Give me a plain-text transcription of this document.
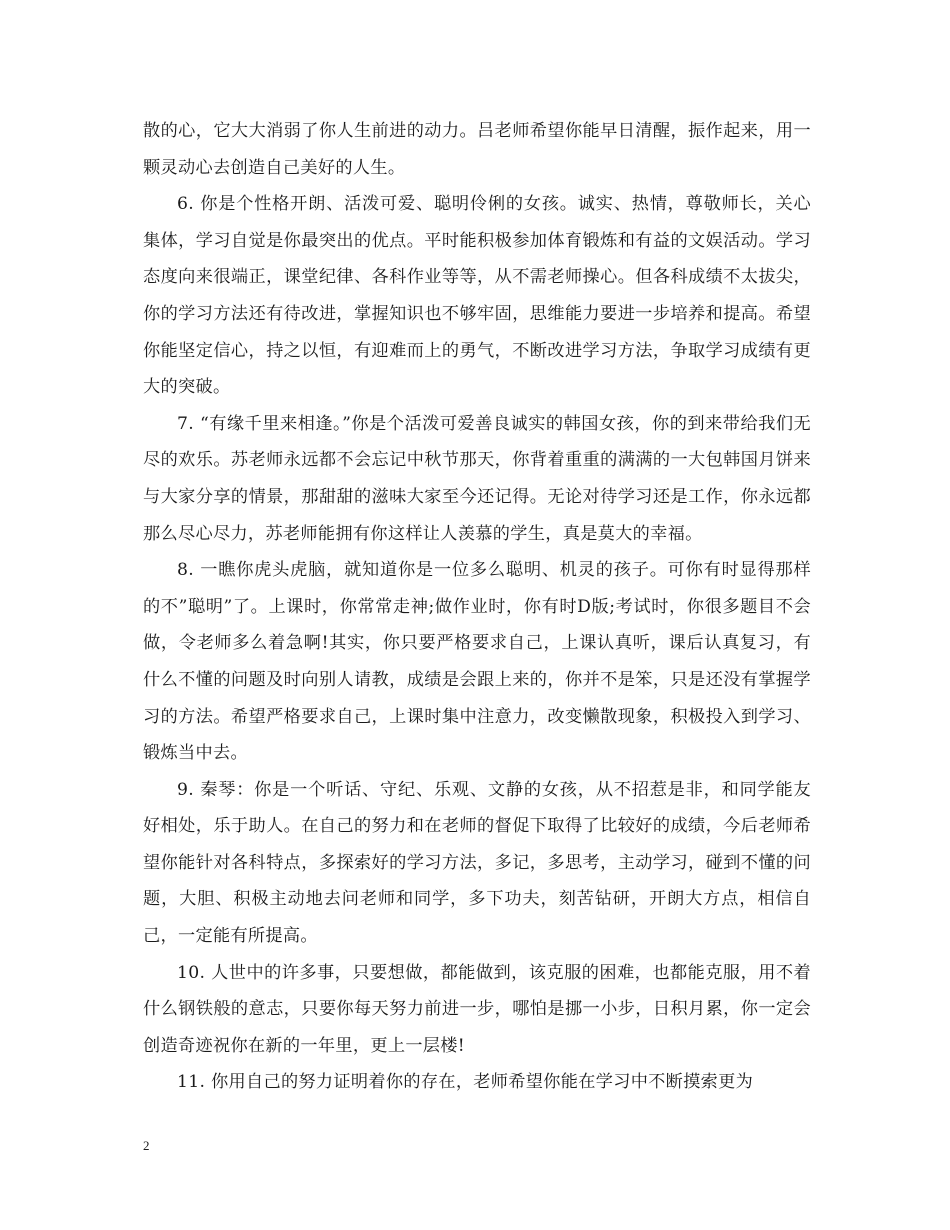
散的心，它大大消弱了你人生前进的动力。吕老师希望你能早日清醒，振作起来，用一颗灵动心去创造自己美好的人生。

6. 你是个性格开朗、活泼可爱、聪明伶俐的女孩。诚实、热情，尊敬师长，关心集体，学习自觉是你最突出的优点。平时能积极参加体育锻炼和有益的文娱活动。学习态度向来很端正，课堂纪律、各科作业等等，从不需老师操心。但各科成绩不太拔尖，你的学习方法还有待改进，掌握知识也不够牢固，思维能力要进一步培养和提高。希望你能坚定信心，持之以恒，有迎难而上的勇气，不断改进学习方法，争取学习成绩有更大的突破。

7. “有缘千里来相逢。”你是个活泼可爱善良诚实的韩国女孩，你的到来带给我们无尽的欢乐。苏老师永远都不会忘记中秋节那天，你背着重重的满满的一大包韩国月饼来与大家分享的情景，那甜甜的滋味大家至今还记得。无论对待学习还是工作，你永远都那么尽心尽力，苏老师能拥有你这样让人羡慕的学生，真是莫大的幸福。

8. 一瞧你虎头虎脑，就知道你是一位多么聪明、机灵的孩子。可你有时显得那样的不”聪明”了。上课时，你常常走神;做作业时，你有时D版;考试时，你很多题目不会做，令老师多么着急啊!其实，你只要严格要求自己，上课认真听，课后认真复习，有什么不懂的问题及时向别人请教，成绩是会跟上来的，你并不是笨，只是还没有掌握学习的方法。希望严格要求自己，上课时集中注意力，改变懒散现象，积极投入到学习、锻炼当中去。

9. 秦琴：你是一个听话、守纪、乐观、文静的女孩，从不招惹是非，和同学能友好相处，乐于助人。在自己的努力和在老师的督促下取得了比较好的成绩，今后老师希望你能针对各科特点，多探索好的学习方法，多记，多思考，主动学习，碰到不懂的问题，大胆、积极主动地去问老师和同学，多下功夫，刻苦钻研，开朗大方点，相信自己，一定能有所提高。

10. 人世中的许多事，只要想做，都能做到，该克服的困难，也都能克服，用不着什么钢铁般的意志，只要你每天努力前进一步，哪怕是挪一小步，日积月累，你一定会创造奇迹祝你在新的一年里，更上一层楼!

11. 你用自己的努力证明着你的存在，老师希望你能在学习中不断摸索更为

2
